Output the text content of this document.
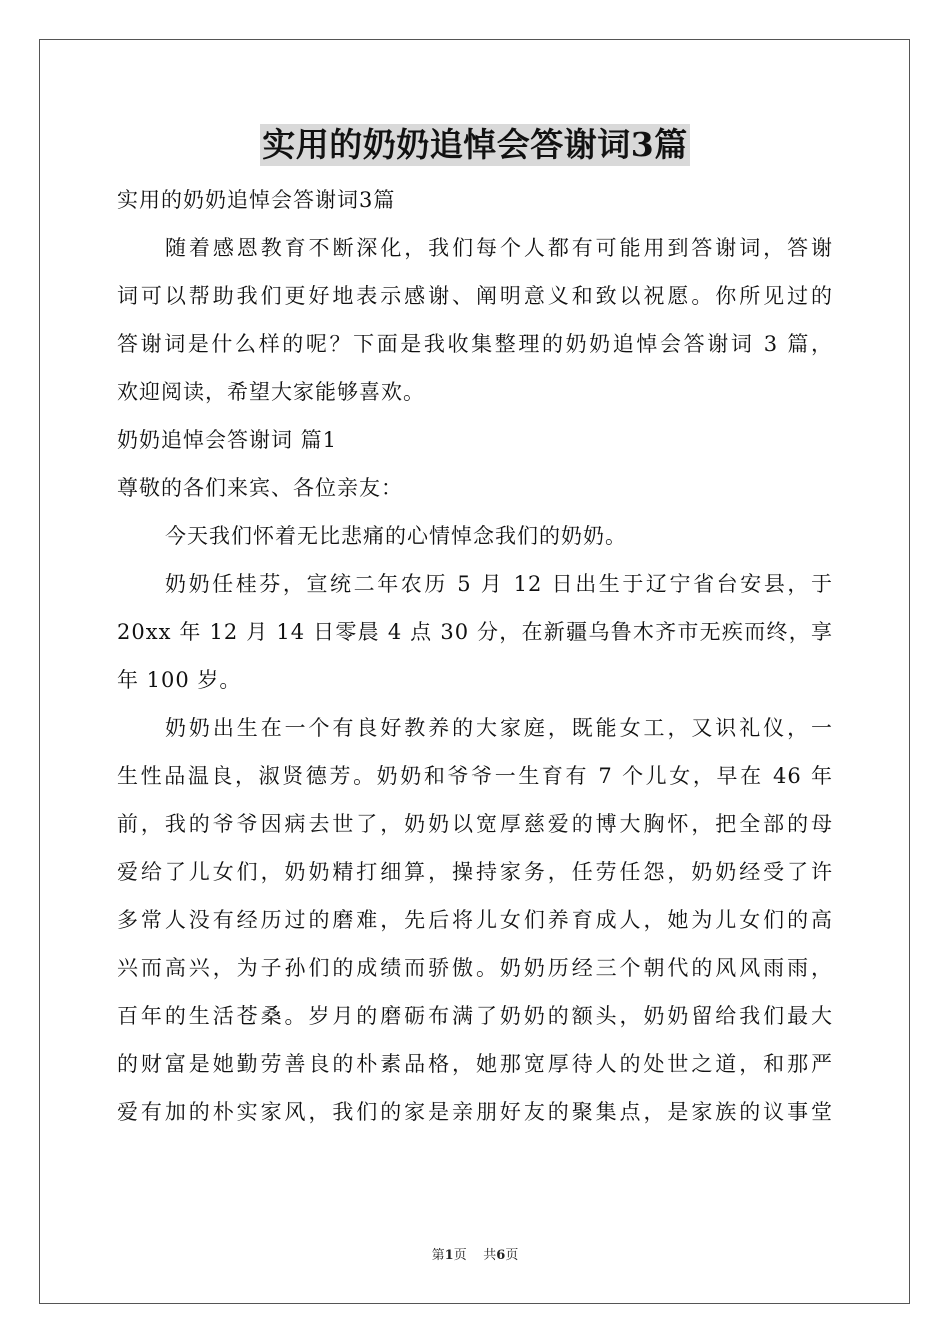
实用的奶奶追悼会答谢词3篇
实用的奶奶追悼会答谢词3篇
随着感恩教育不断深化，我们每个人都有可能用到答谢词，答谢
词可以帮助我们更好地表示感谢、阐明意义和致以祝愿。你所见过的
答谢词是什么样的呢？下面是我收集整理的奶奶追悼会答谢词 3 篇，
欢迎阅读，希望大家能够喜欢。
奶奶追悼会答谢词 篇1
尊敬的各们来宾、各位亲友：
今天我们怀着无比悲痛的心情悼念我们的奶奶。
奶奶任桂芬，宣统二年农历 5 月 12 日出生于辽宁省台安县，于
20xx 年 12 月 14 日零晨 4 点 30 分，在新疆乌鲁木齐市无疾而终，享
年 100 岁。
奶奶出生在一个有良好教养的大家庭，既能女工，又识礼仪，一
生性品温良，淑贤德芳。奶奶和爷爷一生育有 7 个儿女，早在 46 年
前，我的爷爷因病去世了，奶奶以宽厚慈爱的博大胸怀，把全部的母
爱给了儿女们，奶奶精打细算，操持家务，任劳任怨，奶奶经受了许
多常人没有经历过的磨难，先后将儿女们养育成人，她为儿女们的高
兴而高兴，为子孙们的成绩而骄傲。奶奶历经三个朝代的风风雨雨，
百年的生活苍桑。岁月的磨砺布满了奶奶的额头，奶奶留给我们最大
的财富是她勤劳善良的朴素品格，她那宽厚待人的处世之道，和那严
爱有加的朴实家风，我们的家是亲朋好友的聚集点，是家族的议事堂
第1页 共6页
